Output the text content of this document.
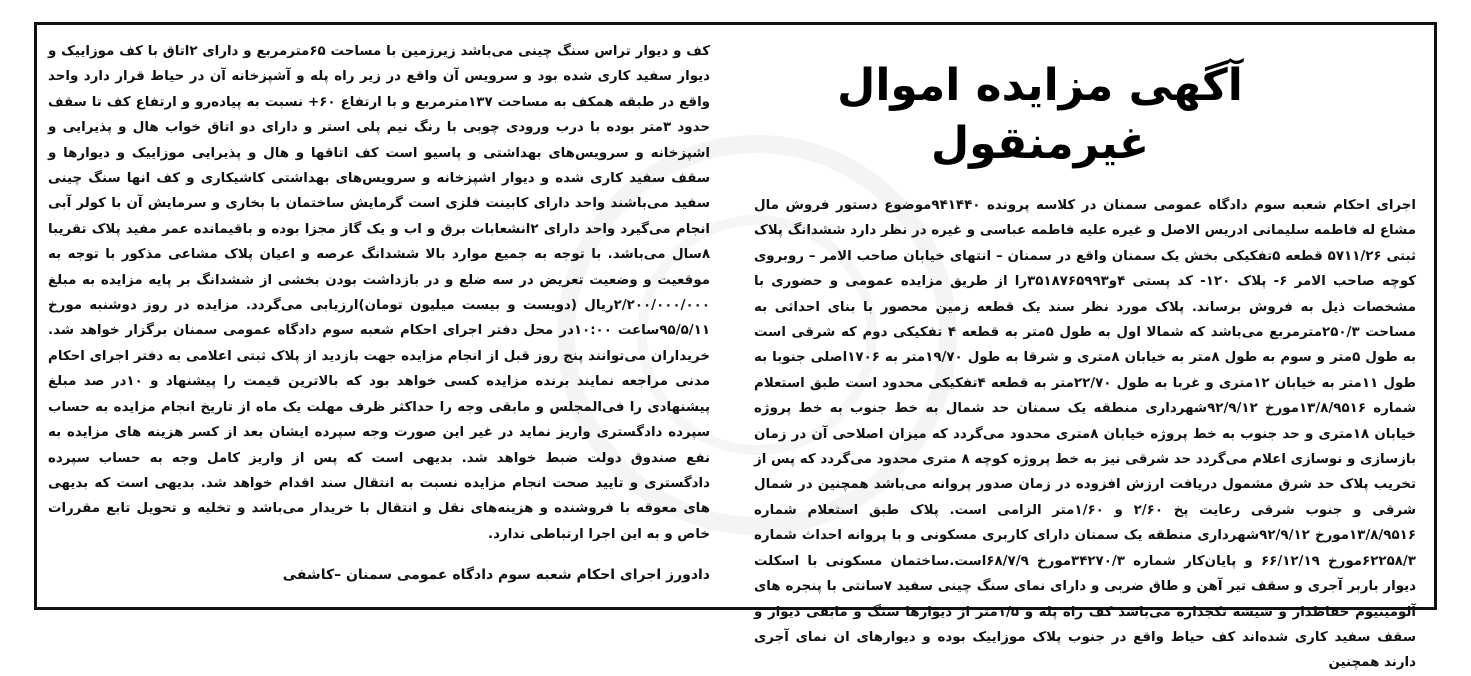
آگهی مزایده اموال غیرمنقول

اجرای احکام شعبه سوم دادگاه عمومی سمنان در کلاسه پرونده ۹۴۱۴۴۰موضوع دستور فروش مال مشاع له فاطمه سلیمانی ادریس الاصل و غیره علیه فاطمه عباسی و غیره در نظر دارد ششدانگ پلاک ثبتی ۵۷۱۱/۲۶ قطعه ۵تفکیکی بخش یک سمنان واقع در سمنان – انتهای خیابان صاحب الامر – روبروی کوچه صاحب الامر ۶- پلاک ۱۲۰- کد پستی ۴و۳۵۱۸۷۶۵۹۹۳را از طریق مزایده عمومی و حضوری با مشخصات ذیل به فروش برساند. پلاک مورد نظر سند یک قطعه زمین محصور با بنای احداثی به مساحت ۲۵۰/۳مترمربع می‌باشد که شمالا اول به طول ۵متر به قطعه ۴ تفکیکی دوم که شرقی است به طول ۵متر و سوم به طول ۸متر به خیابان ۸متری و شرقا به طول ۱۹/۷۰متر به ۱۷۰۶اصلی جنوبا به طول ۱۱متر به خیابان ۱۲متری و غربا به طول ۲۲/۷۰متر به قطعه ۴تفکیکی محدود است طبق استعلام شماره ۱۳/۸/۹۵۱۶مورخ ۹۲/۹/۱۲شهرداری منطقه یک سمنان حد شمال به خط جنوب به خط پروژه خیابان ۱۸متری و حد جنوب به خط پروژه خیابان ۸متری محدود می‌گردد که میزان اصلاحی آن در زمان بازسازی و نوسازی اعلام می‌گردد حد شرقی نیز به خط پروژه کوچه ۸ متری محدود می‌گردد که پس از تخریب پلاک حد شرق مشمول دریافت ارزش افزوده در زمان صدور پروانه می‌باشد همچنین در شمال شرقی و جنوب شرقی رعایت پخ ۲/۶۰ و ۱/۶۰متر الزامی است. پلاک طبق استعلام شماره ۱۳/۸/۹۵۱۶مورخ ۹۲/۹/۱۲شهرداری منطقه یک سمنان دارای کاربری مسکونی و با پروانه احداث شماره ۶۲۲۵۸/۳مورخ ۶۶/۱۲/۱۹ و پایان‌کار شماره ۳۴۲۷۰/۳مورخ ۶۸/۷/۹است.ساختمان مسکونی با اسکلت دیوار باربر آجری و سقف تیر آهن و طاق ضربی و دارای نمای سنگ چینی سفید ۷سانتی با پنجره های آلومینیوم حفاظدار و شیشه تکجداره می‌باشد کف راه پله و ۱/۵متر از دیوارها سنگ و مابقی دیوار و سقف سفید کاری شده‌اند کف حیاط واقع در جنوب پلاک موزاییک بوده و دیوارهای ان نمای آجری دارند همچنین

کف و دیوار تراس سنگ چینی می‌باشد زیرزمین با مساحت ۶۵مترمربع و دارای ۲اتاق با کف موزاییک و دیوار سفید کاری شده بود و سرویس آن واقع در زیر راه پله و آشپزخانه آن در حیاط قرار دارد واحد واقع در طبقه همکف به مساحت ۱۳۷مترمربع و با ارتفاع ۶۰+ نسبت به پیاده‌رو و ارتفاع کف تا سقف حدود ۳متر بوده با درب ورودی چوبی با رنگ نیم پلی استر و دارای دو اتاق خواب هال و پذیرایی و اشپزخانه و سرویس‌های بهداشتی و پاسیو است کف اتاقها و هال و پذیرایی موزاییک و دیوارها و سقف سفید کاری شده و دیوار اشپزخانه و سرویس‌های بهداشتی کاشیکاری و کف انها سنگ چینی سفید می‌باشند واحد دارای کابینت فلزی است گرمایش ساختمان با بخاری و سرمایش آن با کولر آبی انجام می‌گیرد واحد دارای ۲انشعابات برق و اب و یک گاز مجزا بوده و باقیمانده عمر مفید پلاک تقریبا ۸سال می‌باشد. با توجه به جمیع موارد بالا ششدانگ عرصه و اعیان پلاک مشاعی مذکور با توجه به موقعیت و وضعیت تعریض در سه ضلع و در بازداشت بودن بخشی از ششدانگ بر پایه مزایده به مبلغ ۲/۲۰۰/۰۰۰/۰۰۰ریال (دویست و بیست میلیون تومان)ارزیابی می‌گردد. مزایده در روز دوشنبه مورخ ۹۵/۵/۱۱ساعت ۱۰:۰۰در محل دفتر اجرای احکام شعبه سوم دادگاه عمومی سمنان برگزار خواهد شد. خریداران می‌توانند پنج روز قبل از انجام مزایده جهت بازدید از پلاک ثبتی اعلامی به دفتر اجرای احکام مدنی مراجعه نمایند برنده مزایده کسی خواهد بود که بالاترین قیمت را پیشنهاد و ۱۰در صد مبلغ پیشنهادی را فی‌المجلس و مابقی وجه را حداکثر ظرف مهلت یک ماه از تاریخ انجام مزایده به حساب سپرده دادگستری واریز نماید در غیر این صورت وجه سپرده ایشان بعد از کسر هزینه های مزایده به نفع صندوق دولت ضبط خواهد شد. بدیهی است که پس از واریز کامل وجه به حساب سپرده دادگستری و تایید صحت انجام مزایده نسبت به انتقال سند اقدام خواهد شد. بدیهی است که بدیهی های معوقه با فروشنده و هزینه‌های نقل و انتقال با خریدار می‌باشد و تخلیه و تحویل تابع مقررات خاص و به این اجرا ارتباطی ندارد.

دادورز اجرای احکام شعبه سوم دادگاه عمومی سمنان –کاشفی
